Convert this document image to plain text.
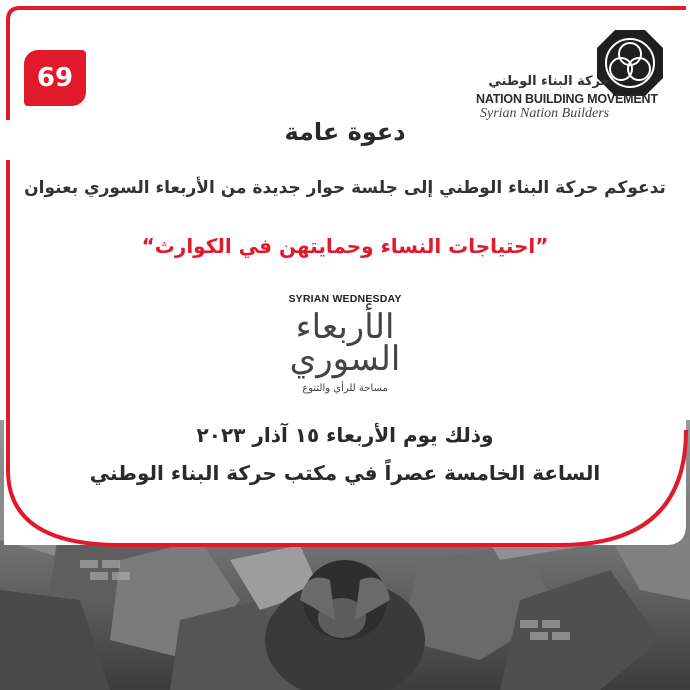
69	حركة البناء الوطني
NATION BUILDING MOVEMENT
Syrian Nation Builders
دعوة عامة
تدعوكم حركة البناء الوطني إلى جلسة حوار جديدة من الأربعاء السوري بعنوان
”احتياجات النساء وحمايتهن في الكوارث“
SYRIAN WEDNESDAY
الأربعاء
السوري
مساحة للرأي والتنوع
وذلك يوم الأربعاء ١٥ آذار ٢٠٢٣
الساعة الخامسة عصراً في مكتب حركة البناء الوطني
